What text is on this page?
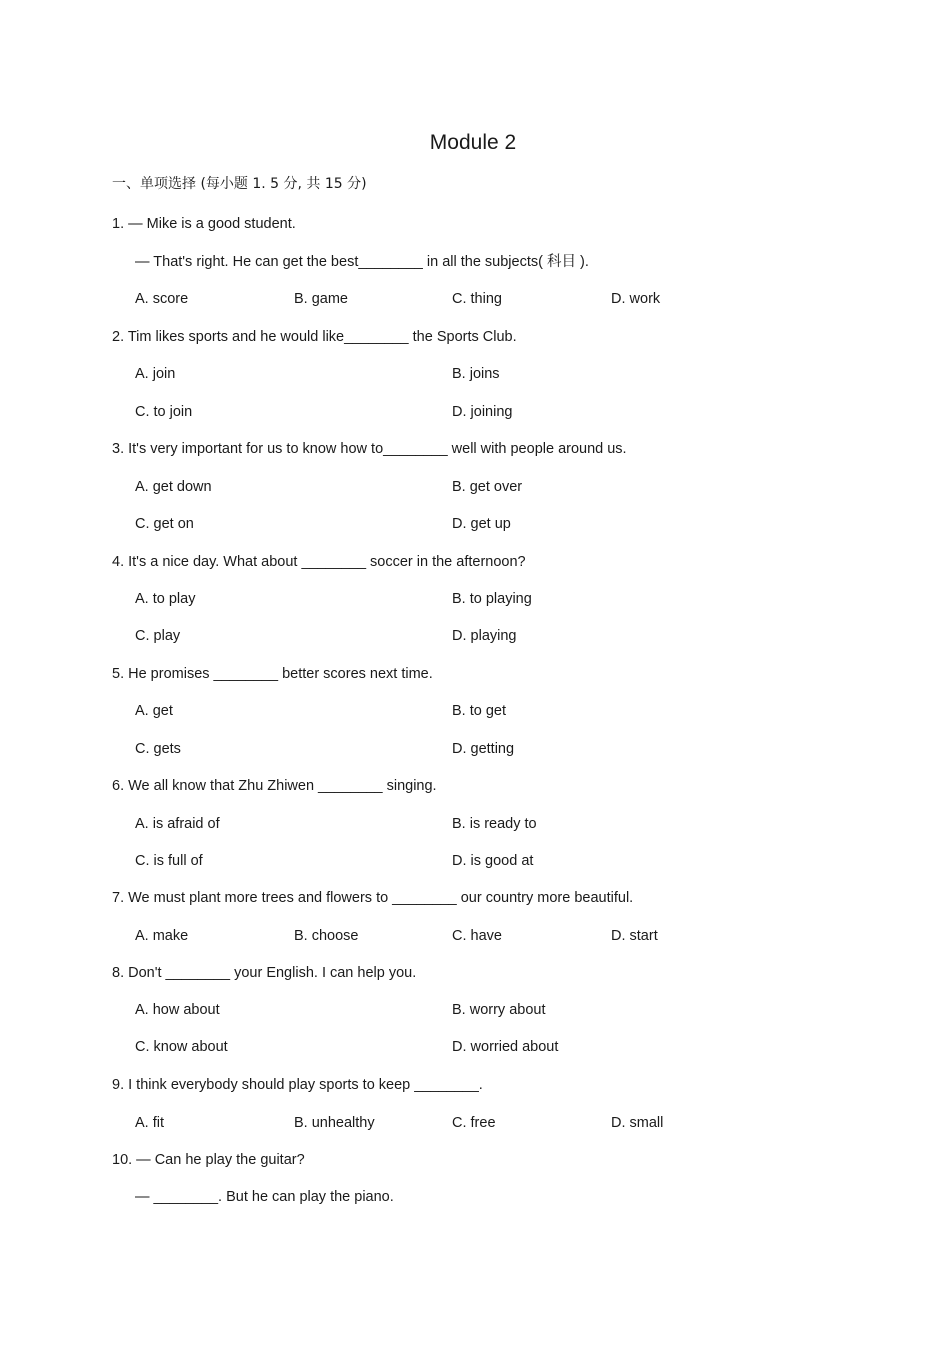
Module 2
一、单项选择 (每小题 1. 5 分, 共 15 分)
1. — Mike is a good student.
— That's right. He can get the best________ in all the subjects( 科目 ).
A. score	B. game	C. thing	D. work
2. Tim likes sports and he would like________ the Sports Club.
A. join	B. joins
C. to join	D. joining
3. It's very important for us to know how to________ well with people around us.
A. get down	B. get over
C. get on	D. get up
4. It's a nice day. What about ________ soccer in the afternoon?
A. to play	B. to playing
C. play	D. playing
5. He promises ________ better scores next time.
A. get	B. to get
C. gets	D. getting
6. We all know that Zhu Zhiwen ________ singing.
A. is afraid of	B. is ready to
C. is full of	D. is good at
7. We must plant more trees and flowers to ________ our country more beautiful.
A. make	B. choose	C. have	D. start
8. Don't ________ your English. I can help you.
A. how about	B. worry about
C. know about	D. worried about
9. I think everybody should play sports to keep ________.
A. fit	B. unhealthy	C. free	D. small
10. — Can he play the guitar?
— ________. But he can play the piano.
